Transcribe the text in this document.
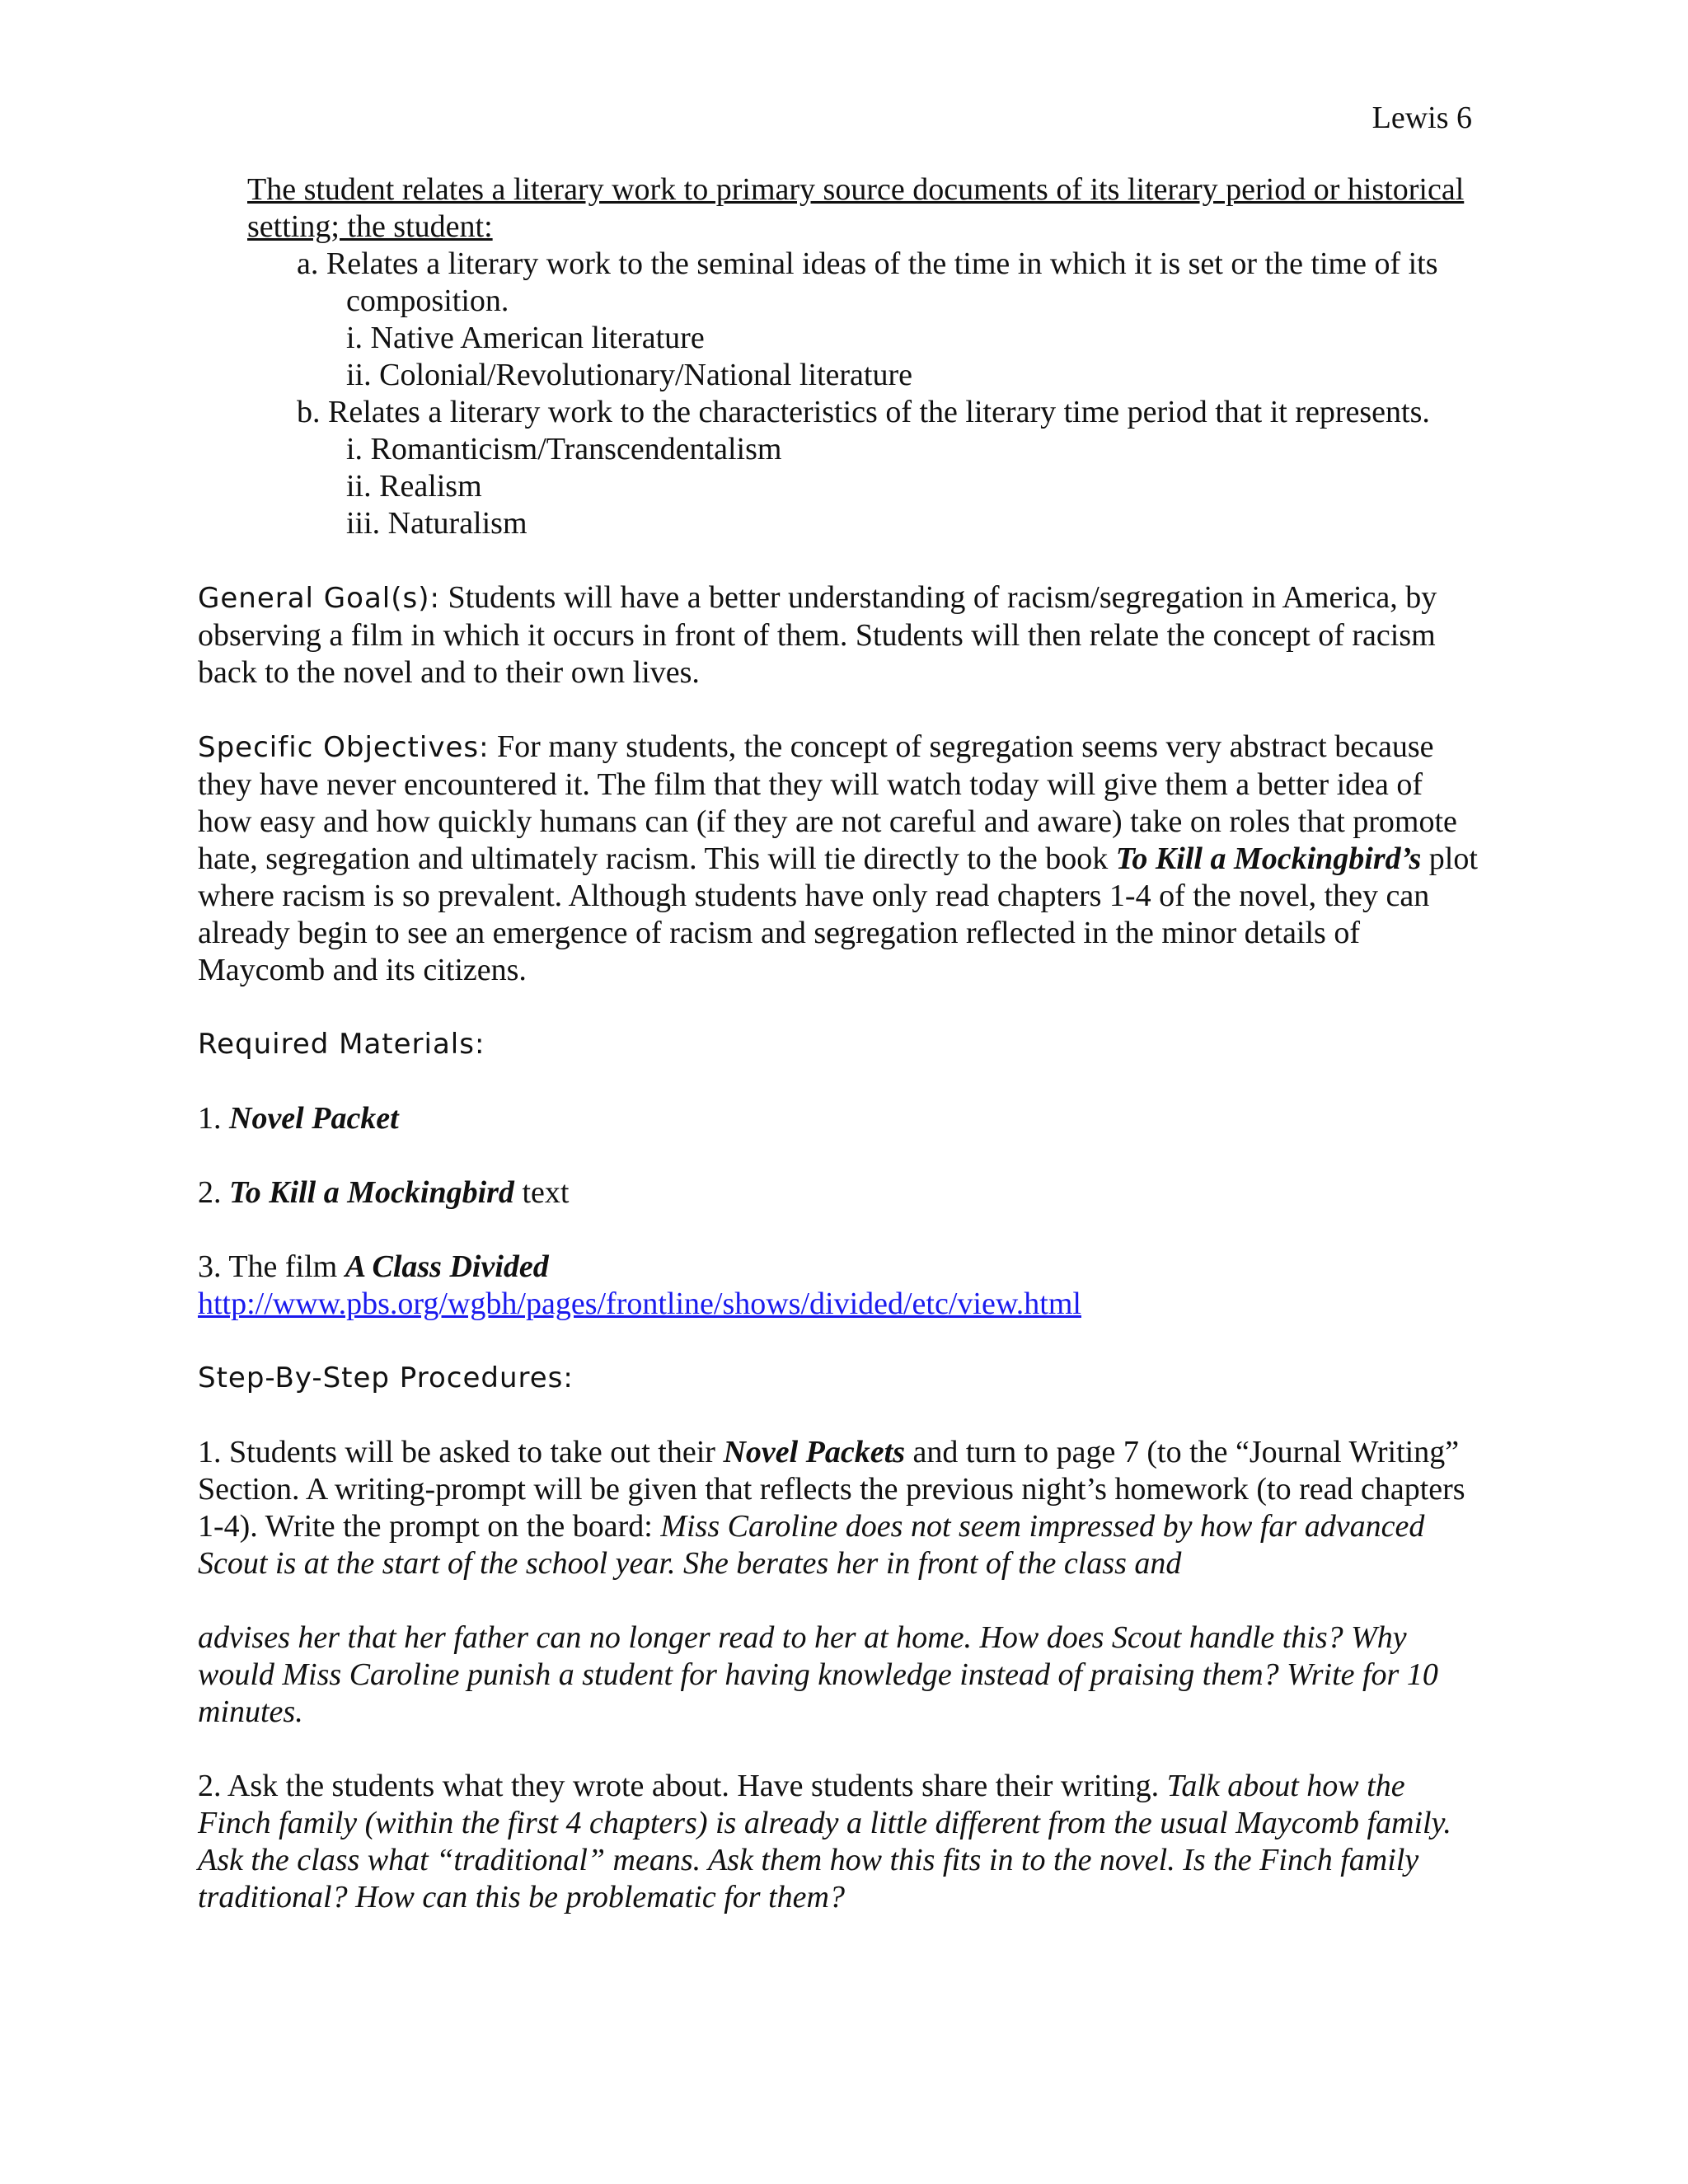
Lewis 6

The student relates a literary work to primary source documents of its literary period or historical setting; the student:

a. Relates a literary work to the seminal ideas of the time in which it is set or the time of its composition.

i. Native American literature

ii. Colonial/Revolutionary/National literature

b. Relates a literary work to the characteristics of the literary time period that it represents.

i. Romanticism/Transcendentalism

ii. Realism

iii. Naturalism

General Goal(s): Students will have a better understanding of racism/segregation in America, by observing a film in which it occurs in front of them. Students will then relate the concept of racism back to the novel and to their own lives.

Specific Objectives: For many students, the concept of segregation seems very abstract because they have never encountered it. The film that they will watch today will give them a better idea of how easy and how quickly humans can (if they are not careful and aware) take on roles that promote hate, segregation and ultimately racism. This will tie directly to the book To Kill a Mockingbird’s plot where racism is so prevalent. Although students have only read chapters 1-4 of the novel, they can already begin to see an emergence of racism and segregation reflected in the minor details of Maycomb and its citizens.

Required Materials:

1. Novel Packet

2. To Kill a Mockingbird text

3. The film A Class Divided

http://www.pbs.org/wgbh/pages/frontline/shows/divided/etc/view.html

Step-By-Step Procedures:

1. Students will be asked to take out their Novel Packets and turn to page 7 (to the “Journal Writing” Section. A writing-prompt will be given that reflects the previous night’s homework (to read chapters 1-4). Write the prompt on the board: Miss Caroline does not seem impressed by how far advanced Scout is at the start of the school year. She berates her in front of the class and

advises her that her father can no longer read to her at home. How does Scout handle this? Why would Miss Caroline punish a student for having knowledge instead of praising them? Write for 10 minutes.

2. Ask the students what they wrote about. Have students share their writing. Talk about how the Finch family (within the first 4 chapters) is already a little different from the usual Maycomb family. Ask the class what “traditional” means. Ask them how this fits in to the novel. Is the Finch family traditional? How can this be problematic for them?
